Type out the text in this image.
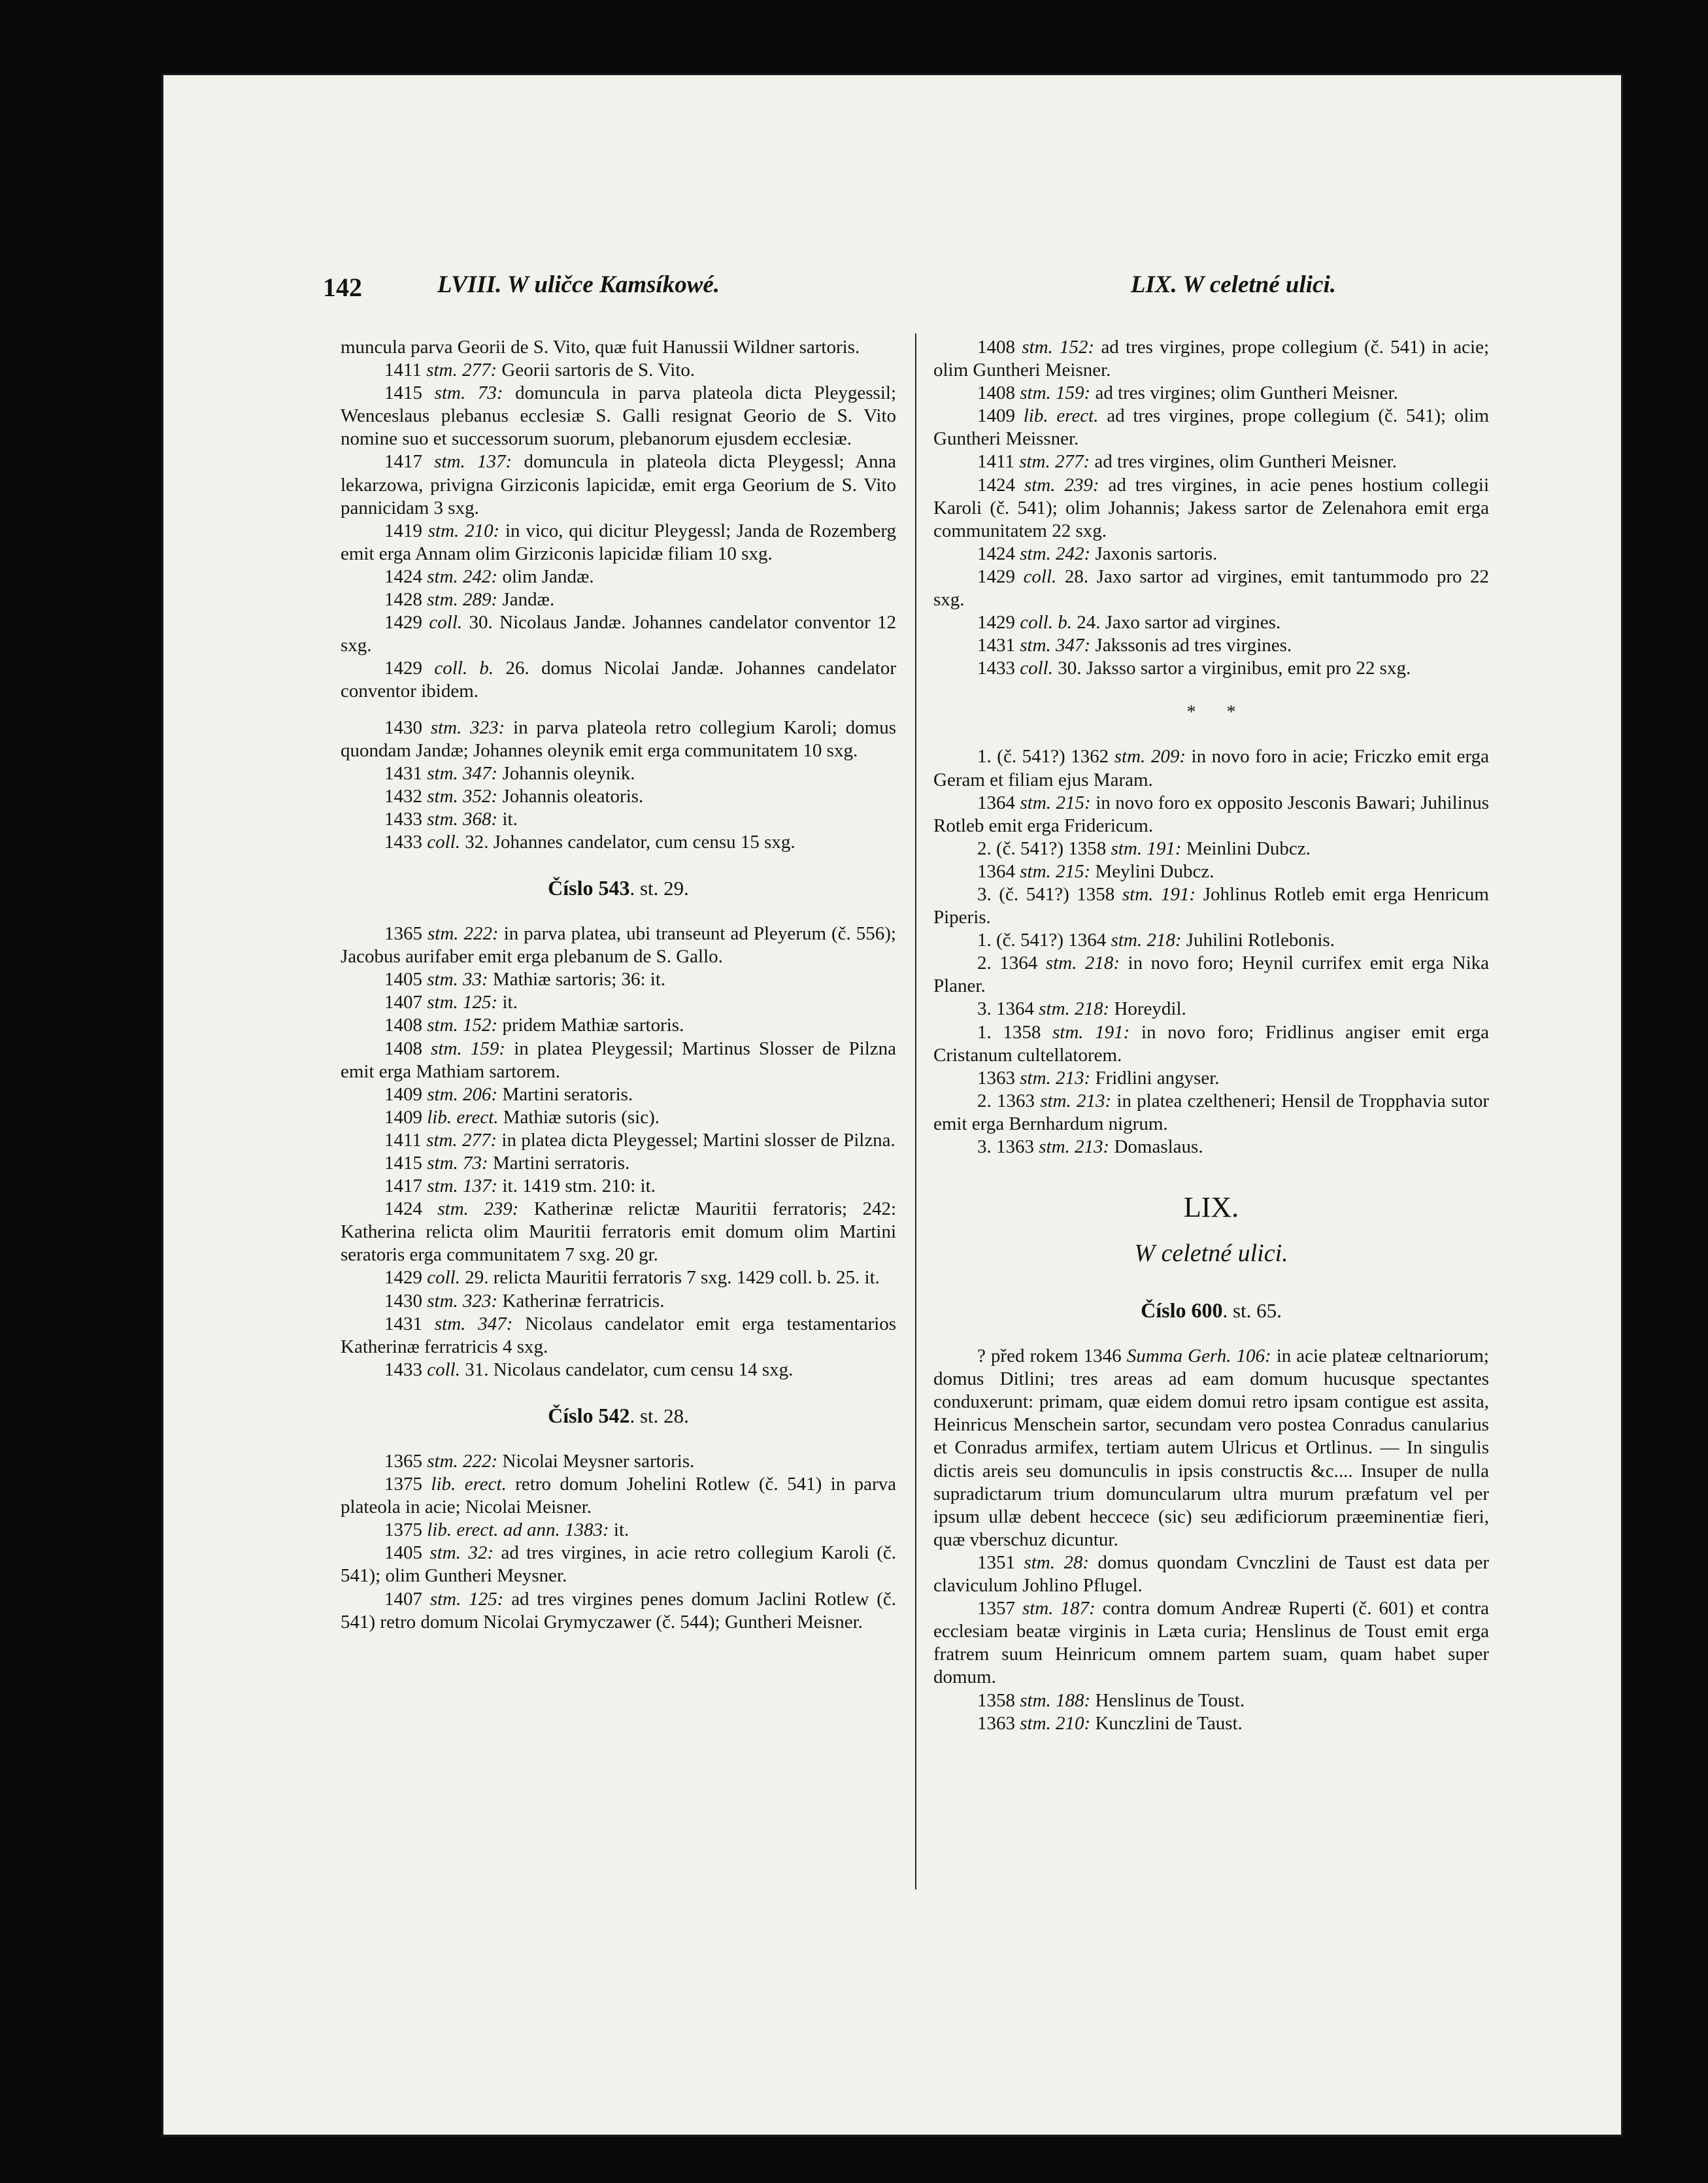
142	LVIII. W uličce Kamsíkowé.	LIX. W celetné ulici.

muncula parva Georii de S. Vito, quæ fuit Hanussii Wildner sartoris.

1411 stm. 277: Georii sartoris de S. Vito.

1415 stm. 73: domuncula in parva plateola dicta Pleygessil; Wenceslaus plebanus ecclesiæ S. Galli resignat Georio de S. Vito nomine suo et successorum suorum, plebanorum ejusdem ecclesiæ.

1417 stm. 137: domuncula in plateola dicta Pleygessl; Anna lekarzowa, privigna Girziconis lapicidæ, emit erga Georium de S. Vito pannicidam 3 sxg.

1419 stm. 210: in vico, qui dicitur Pleygessl; Janda de Rozemberg emit erga Annam olim Girziconis lapicidæ filiam 10 sxg.

1424 stm. 242: olim Jandæ.

1428 stm. 289: Jandæ.

1429 coll. 30. Nicolaus Jandæ. Johannes candelator conventor 12 sxg.

1429 coll. b. 26. domus Nicolai Jandæ. Johannes candelator conventor ibidem.

1430 stm. 323: in parva plateola retro collegium Karoli; domus quondam Jandæ; Johannes oleynik emit erga communitatem 10 sxg.

1431 stm. 347: Johannis oleynik.

1432 stm. 352: Johannis oleatoris.

1433 stm. 368: it.

1433 coll. 32. Johannes candelator, cum censu 15 sxg.

Číslo 543. st. 29.

1365 stm. 222: in parva platea, ubi transeunt ad Pleyerum (č. 556); Jacobus aurifaber emit erga plebanum de S. Gallo.

1405 stm. 33: Mathiæ sartoris; 36: it.

1407 stm. 125: it.

1408 stm. 152: pridem Mathiæ sartoris.

1408 stm. 159: in platea Pleygessil; Martinus Slosser de Pilzna emit erga Mathiam sartorem.

1409 stm. 206: Martini seratoris.

1409 lib. erect. Mathiæ sutoris (sic).

1411 stm. 277: in platea dicta Pleygessel; Martini slosser de Pilzna.

1415 stm. 73: Martini serratoris.

1417 stm. 137: it. 1419 stm. 210: it.

1424 stm. 239: Katherinæ relictæ Mauritii ferratoris; 242: Katherina relicta olim Mauritii ferratoris emit domum olim Martini seratoris erga communitatem 7 sxg. 20 gr.

1429 coll. 29. relicta Mauritii ferratoris 7 sxg. 1429 coll. b. 25. it.

1430 stm. 323: Katherinæ ferratricis.

1431 stm. 347: Nicolaus candelator emit erga testamentarios Katherinæ ferratricis 4 sxg.

1433 coll. 31. Nicolaus candelator, cum censu 14 sxg.

Číslo 542. st. 28.

1365 stm. 222: Nicolai Meysner sartoris.

1375 lib. erect. retro domum Johelini Rotlew (č. 541) in parva plateola in acie; Nicolai Meisner.

1375 lib. erect. ad ann. 1383: it.

1405 stm. 32: ad tres virgines, in acie retro collegium Karoli (č. 541); olim Guntheri Meysner.

1407 stm. 125: ad tres virgines penes domum Jaclini Rotlew (č. 541) retro domum Nicolai Grymyczawer (č. 544); Guntheri Meisner.

1408 stm. 152: ad tres virgines, prope collegium (č. 541) in acie; olim Guntheri Meisner.

1408 stm. 159: ad tres virgines; olim Guntheri Meisner.

1409 lib. erect. ad tres virgines, prope collegium (č. 541); olim Guntheri Meissner.

1411 stm. 277: ad tres virgines, olim Guntheri Meisner.

1424 stm. 239: ad tres virgines, in acie penes hostium collegii Karoli (č. 541); olim Johannis; Jakess sartor de Zelenahora emit erga communitatem 22 sxg.

1424 stm. 242: Jaxonis sartoris.

1429 coll. 28. Jaxo sartor ad virgines, emit tantummodo pro 22 sxg.

1429 coll. b. 24. Jaxo sartor ad virgines.

1431 stm. 347: Jakssonis ad tres virgines.

1433 coll. 30. Jaksso sartor a virginibus, emit pro 22 sxg.

* *

1. (č. 541?) 1362 stm. 209: in novo foro in acie; Friczko emit erga Geram et filiam ejus Maram.

1364 stm. 215: in novo foro ex opposito Jesconis Bawari; Juhilinus Rotleb emit erga Fridericum.

2. (č. 541?) 1358 stm. 191: Meinlini Dubcz.

1364 stm. 215: Meylini Dubcz.

3. (č. 541?) 1358 stm. 191: Johlinus Rotleb emit erga Henricum Piperis.

1. (č. 541?) 1364 stm. 218: Juhilini Rotlebonis.

2. 1364 stm. 218: in novo foro; Heynil currifex emit erga Nika Planer.

3. 1364 stm. 218: Horeydil.

1. 1358 stm. 191: in novo foro; Fridlinus angiser emit erga Cristanum cultellatorem.

1363 stm. 213: Fridlini angyser.

2. 1363 stm. 213: in platea czeltheneri; Hensil de Tropphavia sutor emit erga Bernhardum nigrum.

3. 1363 stm. 213: Domaslaus.

LIX.
W celetné ulici.
Číslo 600. st. 65.

? před rokem 1346 Summa Gerh. 106: in acie plateæ celtnariorum; domus Ditlini; tres areas ad eam domum hucusque spectantes conduxerunt: primam, quæ eidem domui retro ipsam contigue est assita, Heinricus Menschein sartor, secundam vero postea Conradus canularius et Conradus armifex, tertiam autem Ulricus et Ortlinus. — In singulis dictis areis seu domunculis in ipsis constructis &c.... Insuper de nulla supradictarum trium domuncularum ultra murum præfatum vel per ipsum ullæ debent heccece (sic) seu ædificiorum præeminentiæ fieri, quæ vberschuz dicuntur.

1351 stm. 28: domus quondam Cvnczlini de Taust est data per claviculum Johlino Pflugel.

1357 stm. 187: contra domum Andreæ Ruperti (č. 601) et contra ecclesiam beatæ virginis in Læta curia; Henslinus de Toust emit erga fratrem suum Heinricum omnem partem suam, quam habet super domum.

1358 stm. 188: Henslinus de Toust.

1363 stm. 210: Kunczlini de Taust.
